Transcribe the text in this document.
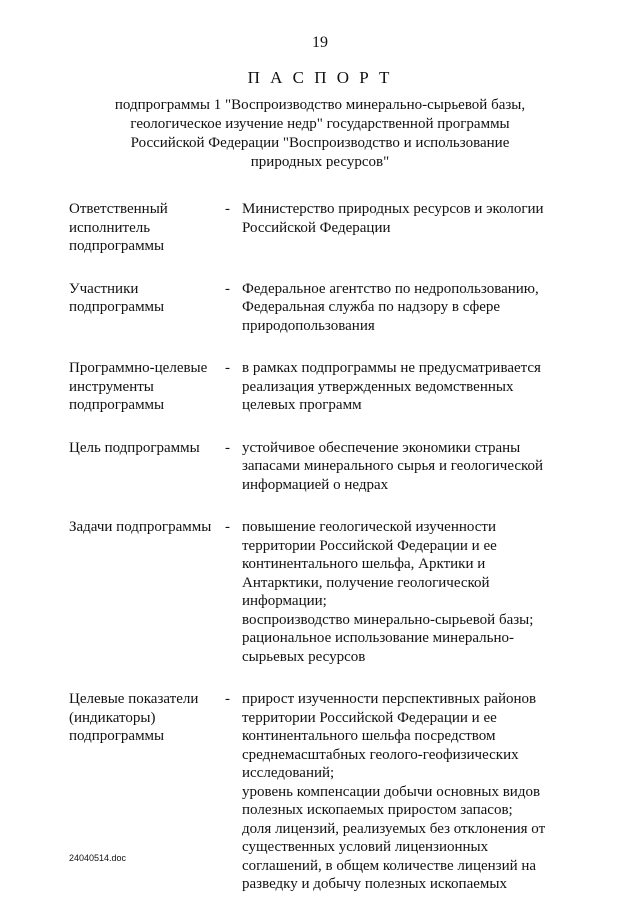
19
П А С П О Р Т
подпрограммы 1 "Воспроизводство минерально-сырьевой базы,
геологическое изучение недр" государственной программы
Российской Федерации "Воспроизводство и использование
природных ресурсов"
Ответственный
исполнитель
подпрограммы
- Министерство природных ресурсов и экологии
Российской Федерации
Участники
подпрограммы
- Федеральное агентство по недропользованию,
Федеральная служба по надзору в сфере
природопользования
Программно-целевые
инструменты
подпрограммы
- в рамках подпрограммы не предусматривается
реализация утвержденных ведомственных
целевых программ
Цель подпрограммы	- устойчивое обеспечение экономики страны
запасами минерального сырья и геологической
информацией о недрах
Задачи подпрограммы - повышение геологической изученности
территории Российской Федерации и ее
континентального шельфа, Арктики и
Антарктики, получение геологической
информации;
воспроизводство минерально-сырьевой базы;
рациональное использование минерально-
сырьевых ресурсов
Целевые показатели
(индикаторы)
подпрограммы
- прирост изученности перспективных районов
территории Российской Федерации и ее
континентального шельфа посредством
среднемасштабных геолого-геофизических
исследований;
уровень компенсации добычи основных видов
полезных ископаемых приростом запасов;
доля лицензий, реализуемых без отклонения от
существенных условий лицензионных
соглашений, в общем количестве лицензий на
разведку и добычу полезных ископаемых
24040514.doc
